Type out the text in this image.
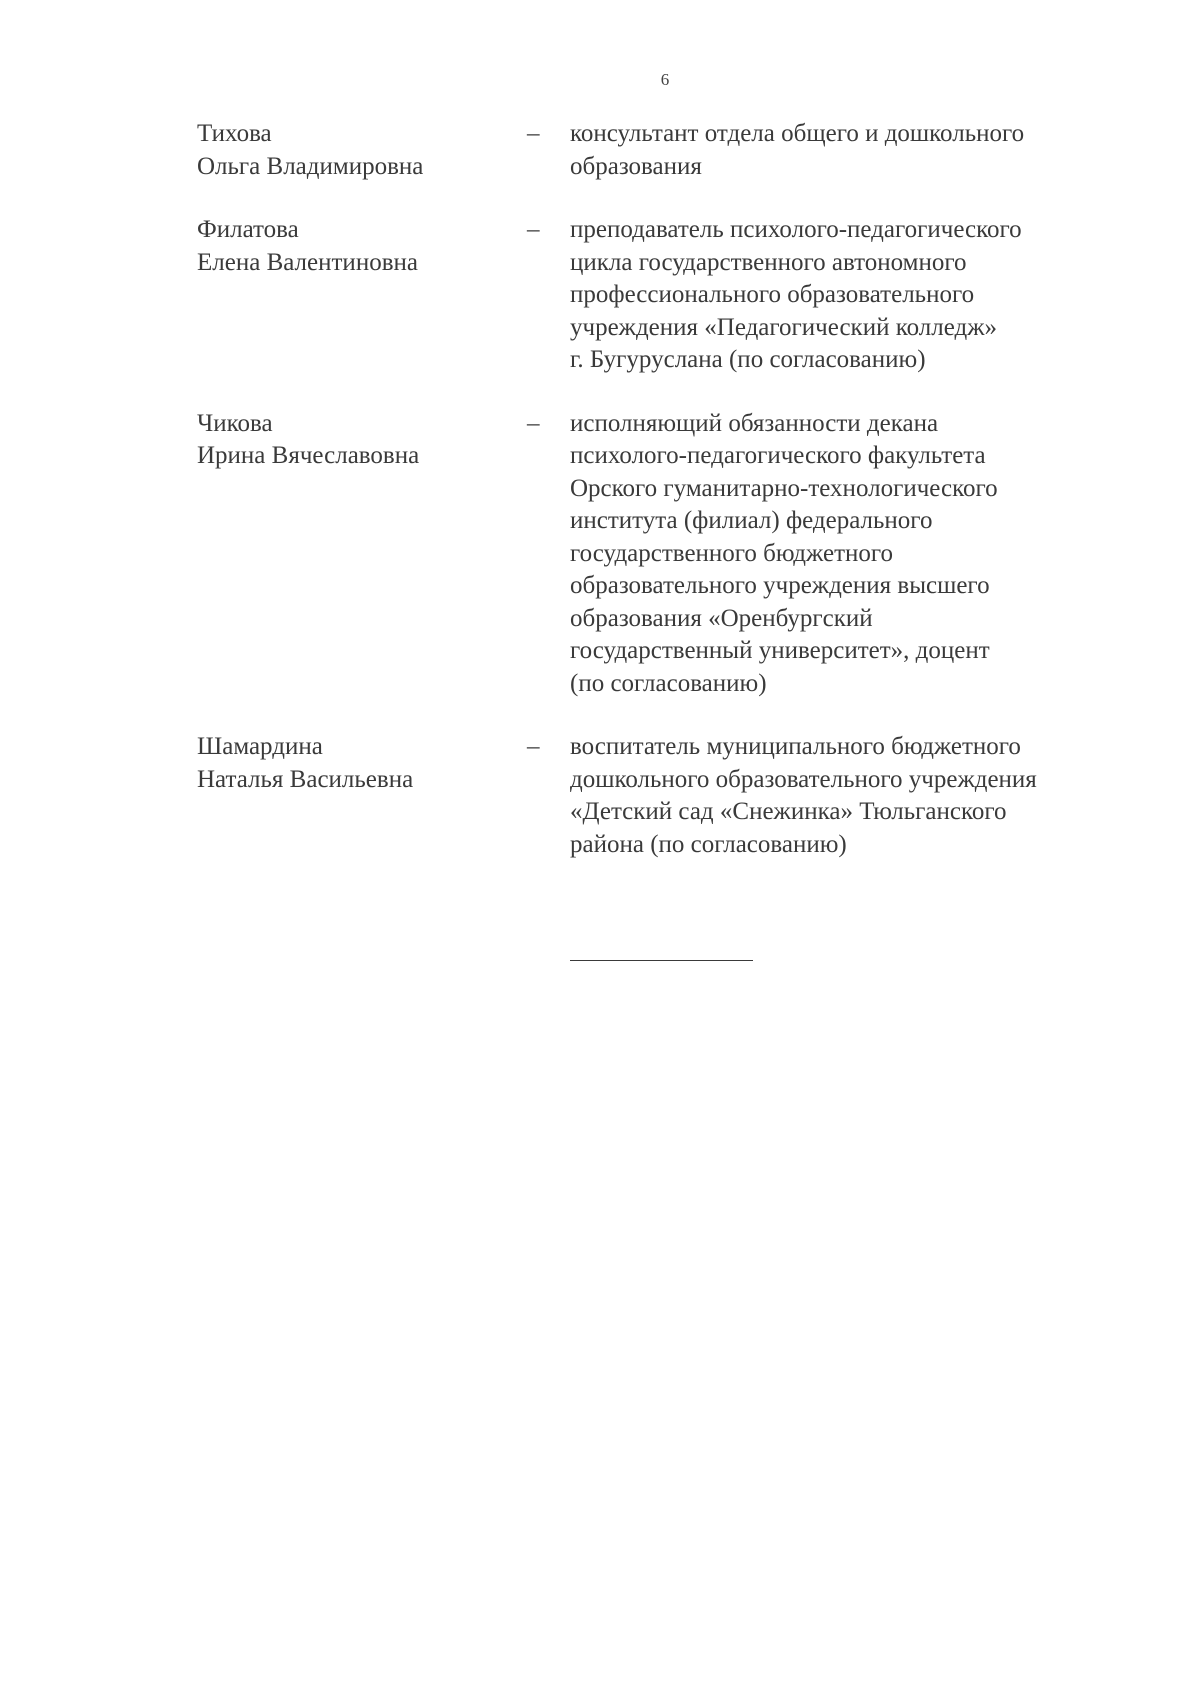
6
Тихова
Ольга Владимировна
–	консультант отдела общего и дошкольного
образования
Филатова
Елена Валентиновна
–	преподаватель психолого-педагогического
цикла государственного автономного
профессионального образовательного
учреждения «Педагогический колледж»
г. Бугуруслана (по согласованию)
Чикова
Ирина Вячеславовна
–	исполняющий обязанности декана
психолого-педагогического факультета
Орского гуманитарно-технологического
института (филиал) федерального
государственного бюджетного
образовательного учреждения высшего
образования «Оренбургский
государственный университет», доцент
(по согласованию)
Шамардина
Наталья Васильевна
–	воспитатель муниципального бюджетного
дошкольного образовательного учреждения
«Детский сад «Снежинка» Тюльганского
района (по согласованию)
